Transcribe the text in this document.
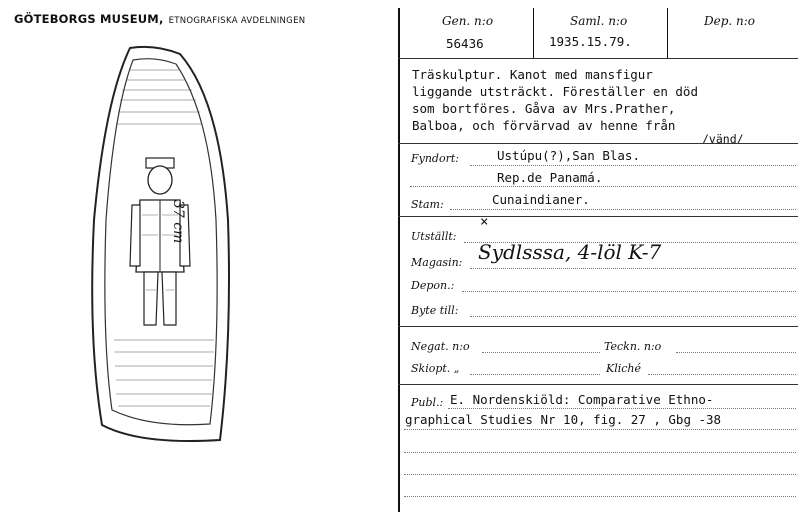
GÖTEBORGS MUSEUM, ETNOGRAFISKA AVDELNINGEN
37 cm
Gen. n:o	Saml. n:o	Dep. n:o
56436	1935.15.79.
Träskulptur. Kanot med mansfigur
liggande utsträckt. Föreställer en död
som bortföres. Gåva av Mrs.Prather,
Balboa, och förvärvad av henne från
/vänd/
Fyndort:	Ustúpu(?),San Blas.
Rep.de Panamá.
Stam:	Cunaindianer.
×
Utställt:
Magasin: Sydlsssa, 4-löl K-7
Depon.:
Byte till:
Negat. n:o	Teckn. n:o
Skiopt. „	Kliché
Publ.: E. Nordenskiöld: Comparative Ethno-
graphical Studies Nr 10, fig. 27 , Gbg -38
